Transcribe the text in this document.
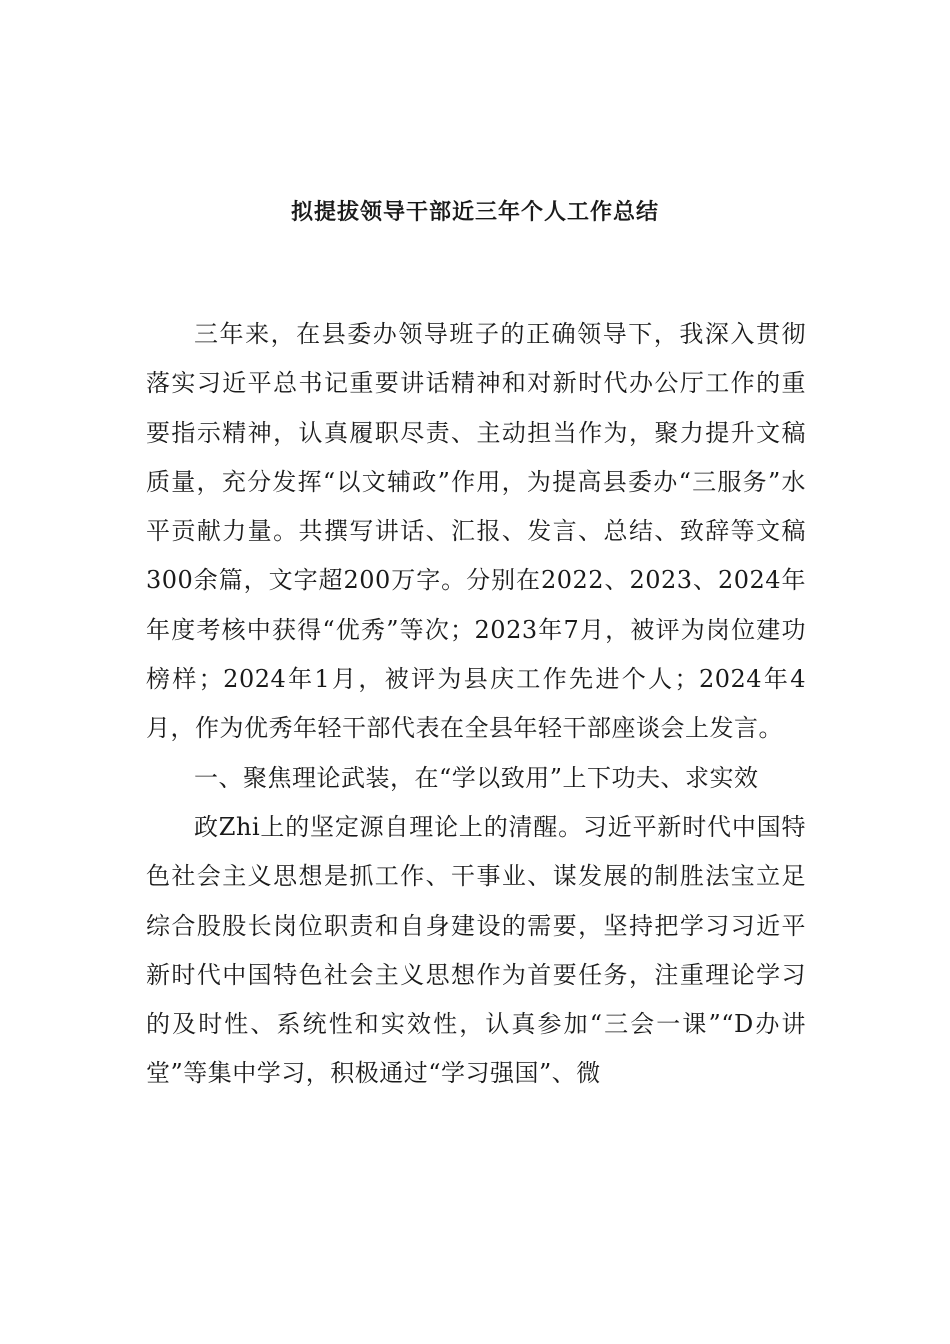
拟提拔领导干部近三年个人工作总结

三年来，在县委办领导班子的正确领导下，我深入贯彻落实习近平总书记重要讲话精神和对新时代办公厅工作的重要指示精神，认真履职尽责、主动担当作为，聚力提升文稿质量，充分发挥“以文辅政”作用，为提高县委办“三服务”水平贡献力量。共撰写讲话、汇报、发言、总结、致辞等文稿300余篇，文字超200万字。分别在2022、2023、2024年年度考核中获得“优秀”等次；2023年7月，被评为岗位建功榜样；2024年1月，被评为县庆工作先进个人；2024年4月，作为优秀年轻干部代表在全县年轻干部座谈会上发言。

一、聚焦理论武装，在“学以致用”上下功夫、求实效

政Zhi上的坚定源自理论上的清醒。习近平新时代中国特色社会主义思想是抓工作、干事业、谋发展的制胜法宝立足综合股股长岗位职责和自身建设的需要，坚持把学习习近平新时代中国特色社会主义思想作为首要任务，注重理论学习的及时性、系统性和实效性，认真参加“三会一课”“D办讲堂”等集中学习，积极通过“学习强国”、微
